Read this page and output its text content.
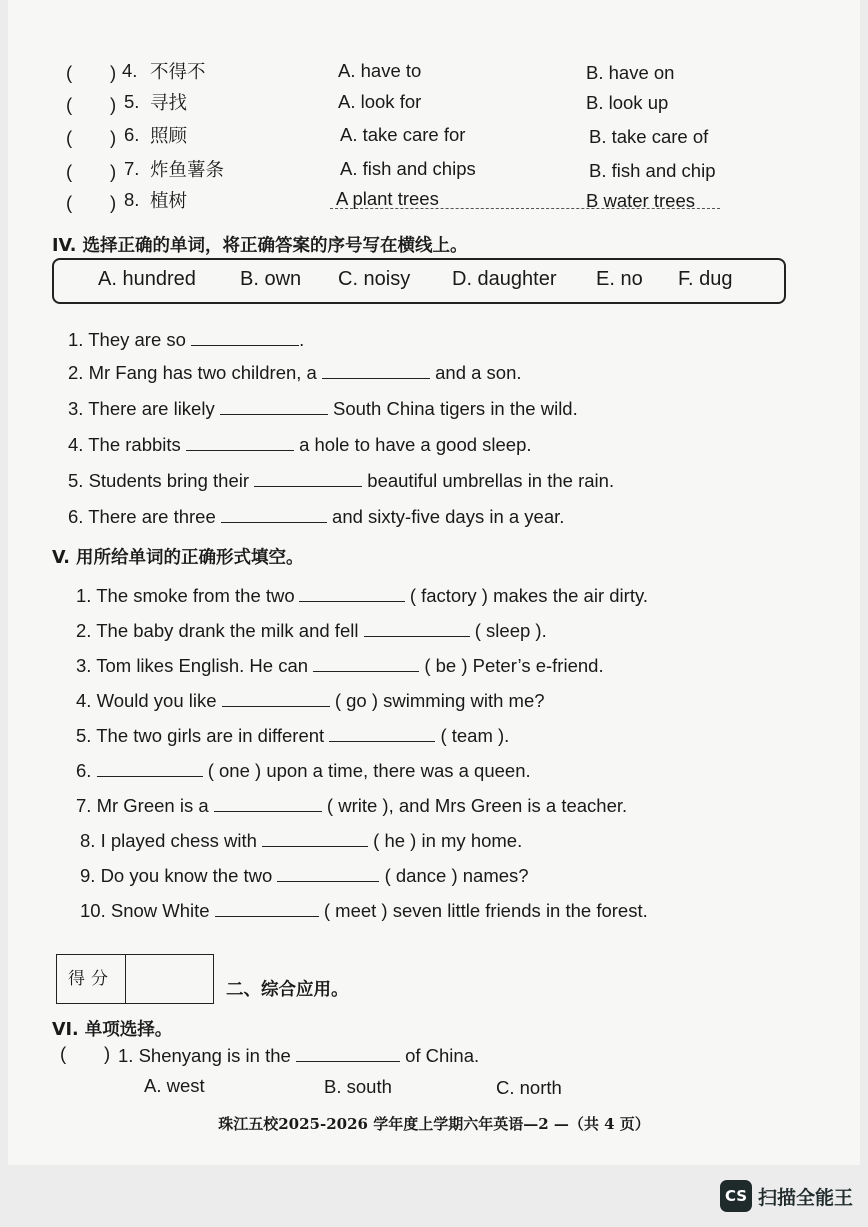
( ) 4. 不得不	A. have to	B. have on
( ) 5. 寻找	A. look for	B. look up
( ) 6. 照顾	A. take care for	B. take care of
( ) 7. 炸鱼薯条	A. fish and chips	B. fish and chip
( ) 8. 植树	A plant trees	B water trees
IV. 选择正确的单词，将正确答案的序号写在横线上。
A. hundred B. own C. noisy D. daughter E. no F. dug
1. They are so	.
2. Mr Fang has two children, a	and a son.
3. There are likely	South China tigers in the wild.
4. The rabbits	a hole to have a good sleep.
5. Students bring their	beautiful umbrellas in the rain.
6. There are three	and sixty-five days in a year.
V. 用所给单词的正确形式填空。
1. The smoke from the two	( factory ) makes the air dirty.
2. The baby drank the milk and fell	( sleep ).
3. Tom likes English. He can	( be ) Peter’s e-friend.
4. Would you like	( go ) swimming with me?
5. The two girls are in different	( team ).
6.	( one ) upon a time, there was a queen.
7. Mr Green is a	( write ), and Mrs Green is a teacher.
8. I played chess with	( he ) in my home.
9. Do you know the two	( dance ) names?
10. Snow White	( meet ) seven little friends in the forest.
得分
二、综合应用。
VI. 单项选择。
( ) 1. Shenyang is in the	of China.
A. west	B. south	C. north
珠江五校2025-2026 学年度上学期六年英语—2 —（共 4 页）
CS 扫描全能王
